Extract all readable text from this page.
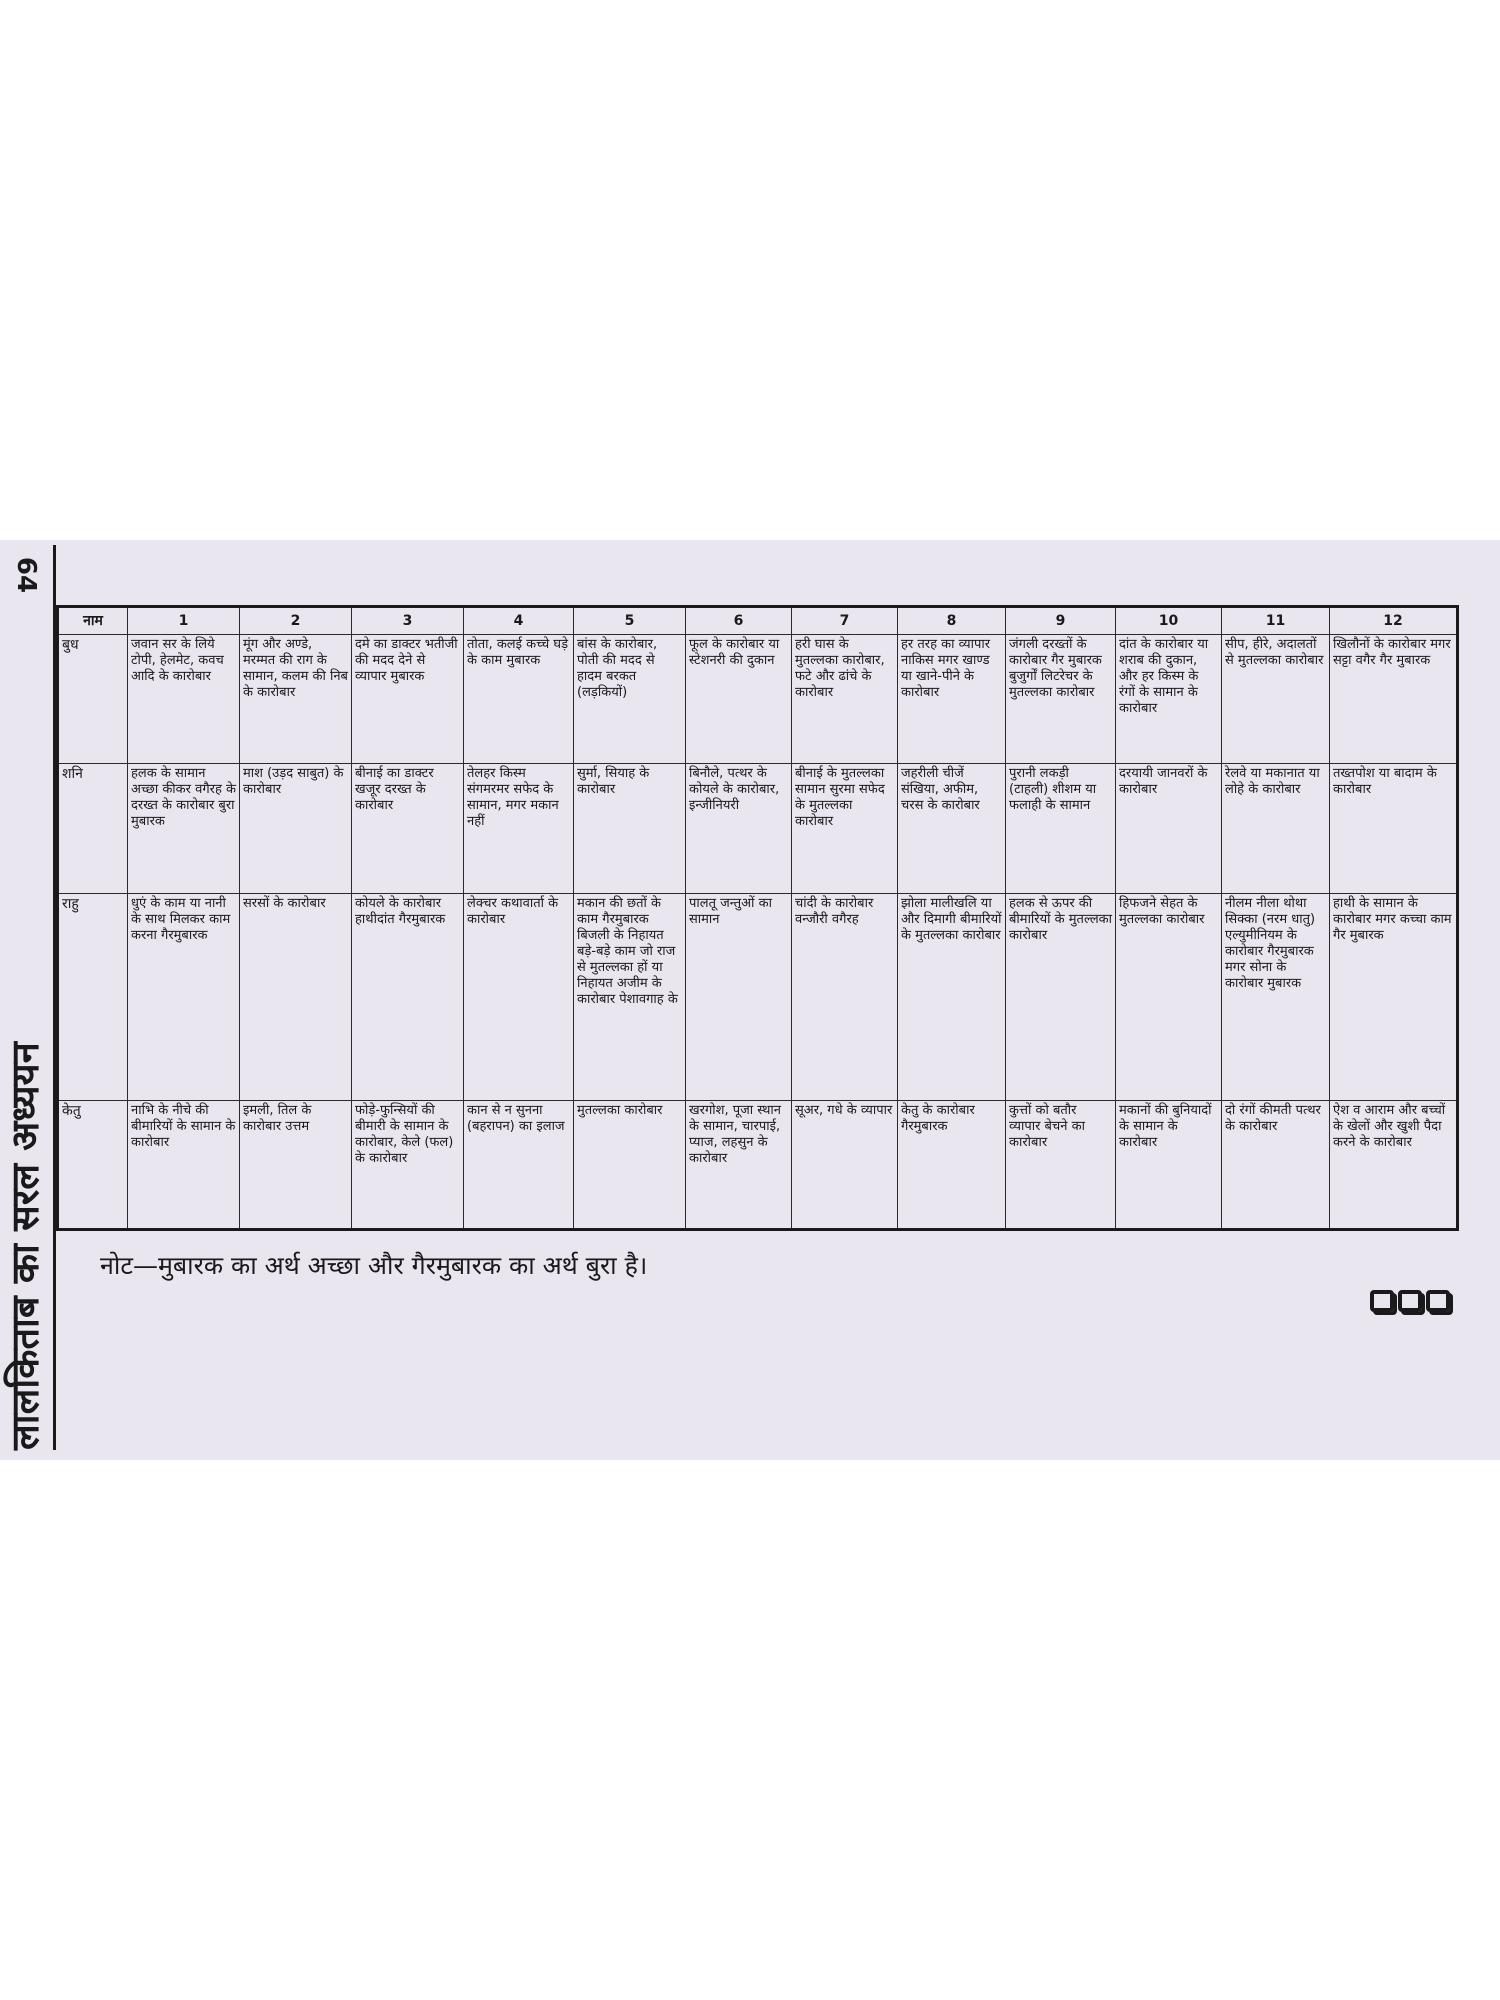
64
लालकिताब का सरल अध्ययन
नाम	1	2	3	4	5	6	7	8	9	10	11	12
बुध	जवान सर के लिये टोपी, हेलमेट, कवच आदि के कारोबार	मूंग और अण्डे, मरम्मत की राग के सामान, कलम की निब के कारोबार	दमे का डाक्टर भतीजी की मदद देने से व्यापार मुबारक	तोता, कलई कच्चे घड़े के काम मुबारक	बांस के कारोबार, पोती की मदद से हादम बरकत (लड़कियों)	फूल के कारोबार या स्टेशनरी की दुकान	हरी घास के मुतल्लका कारोबार, फटे और ढांचे के कारोबार	हर तरह का व्यापार नाकिस मगर खाण्ड या खाने-पीने के कारोबार	जंगली दरख्तों के कारोबार गैर मुबारक बुजुर्गों लिटरेचर के मुतल्लका कारोबार	दांत के कारोबार या शराब की दुकान, और हर किस्म के रंगों के सामान के कारोबार	सीप, हीरे, अदालतों से मुतल्लका कारोबार	खिलौनों के कारोबार मगर सट्टा वगैर गैर मुबारक
शनि	हलक के सामान अच्छा कीकर वगैरह के दरख्त के कारोबार बुरा मुबारक	माश (उड़द साबुत) के कारोबार	बीनाई का डाक्टर खजूर दरख्त के कारोबार	तेलहर किस्म संगमरमर सफेद के सामान, मगर मकान नहीं	सुर्मा, सियाह के कारोबार	बिनौले, पत्थर के कोयले के कारोबार, इन्जीनियरी	बीनाई के मुतल्लका सामान सुरमा सफेद के मुतल्लका कारोबार	जहरीली चीजें संखिया, अफीम, चरस के कारोबार	पुरानी लकड़ी (टाहली) शीशम या फलाही के सामान	दरयायी जानवरों के कारोबार	रेलवे या मकानात या लोहे के कारोबार	तख्तपोश या बादाम के कारोबार
राहु	धुएं के काम या नानी के साथ मिलकर काम करना गैरमुबारक	सरसों के कारोबार	कोयले के कारोबार हाथीदांत गैरमुबारक	लेक्चर कथावार्ता के कारोबार	मकान की छतों के काम गैरमुबारक बिजली के निहायत बड़े-बड़े काम जो राज से मुतल्लका हों या निहायत अजीम के कारोबार पेशावगाह के	पालतू जन्तुओं का सामान	चांदी के कारोबार वन्जौरी वगैरह	झोला मालीखलि या और दिमागी बीमारियों के मुतल्लका कारोबार	हलक से ऊपर की बीमारियों के मुतल्लका कारोबार	हिफजने सेहत के मुतल्लका कारोबार	नीलम नीला थोथा सिक्का (नरम धातु) एल्युमीनियम के कारोबार गैरमुबारक मगर सोना के कारोबार मुबारक	हाथी के सामान के कारोबार मगर कच्चा काम गैर मुबारक
केतु	नाभि के नीचे की बीमारियों के सामान के कारोबार	इमली, तिल के कारोबार उत्तम	फोड़े-फुन्सियों की बीमारी के सामान के कारोबार, केले (फल) के कारोबार	कान से न सुनना (बहरापन) का इलाज	मुतल्लका कारोबार	खरगोश, पूजा स्थान के सामान, चारपाई, प्याज, लहसुन के कारोबार	सूअर, गधे के व्यापार	केतु के कारोबार गैरमुबारक	कुत्तों को बतौर व्यापार बेचने का कारोबार	मकानों की बुनियादों के सामान के कारोबार	दो रंगों कीमती पत्थर के कारोबार	ऐश व आराम और बच्चों के खेलों और खुशी पैदा करने के कारोबार
नोट—मुबारक का अर्थ अच्छा और गैरमुबारक का अर्थ बुरा है।
